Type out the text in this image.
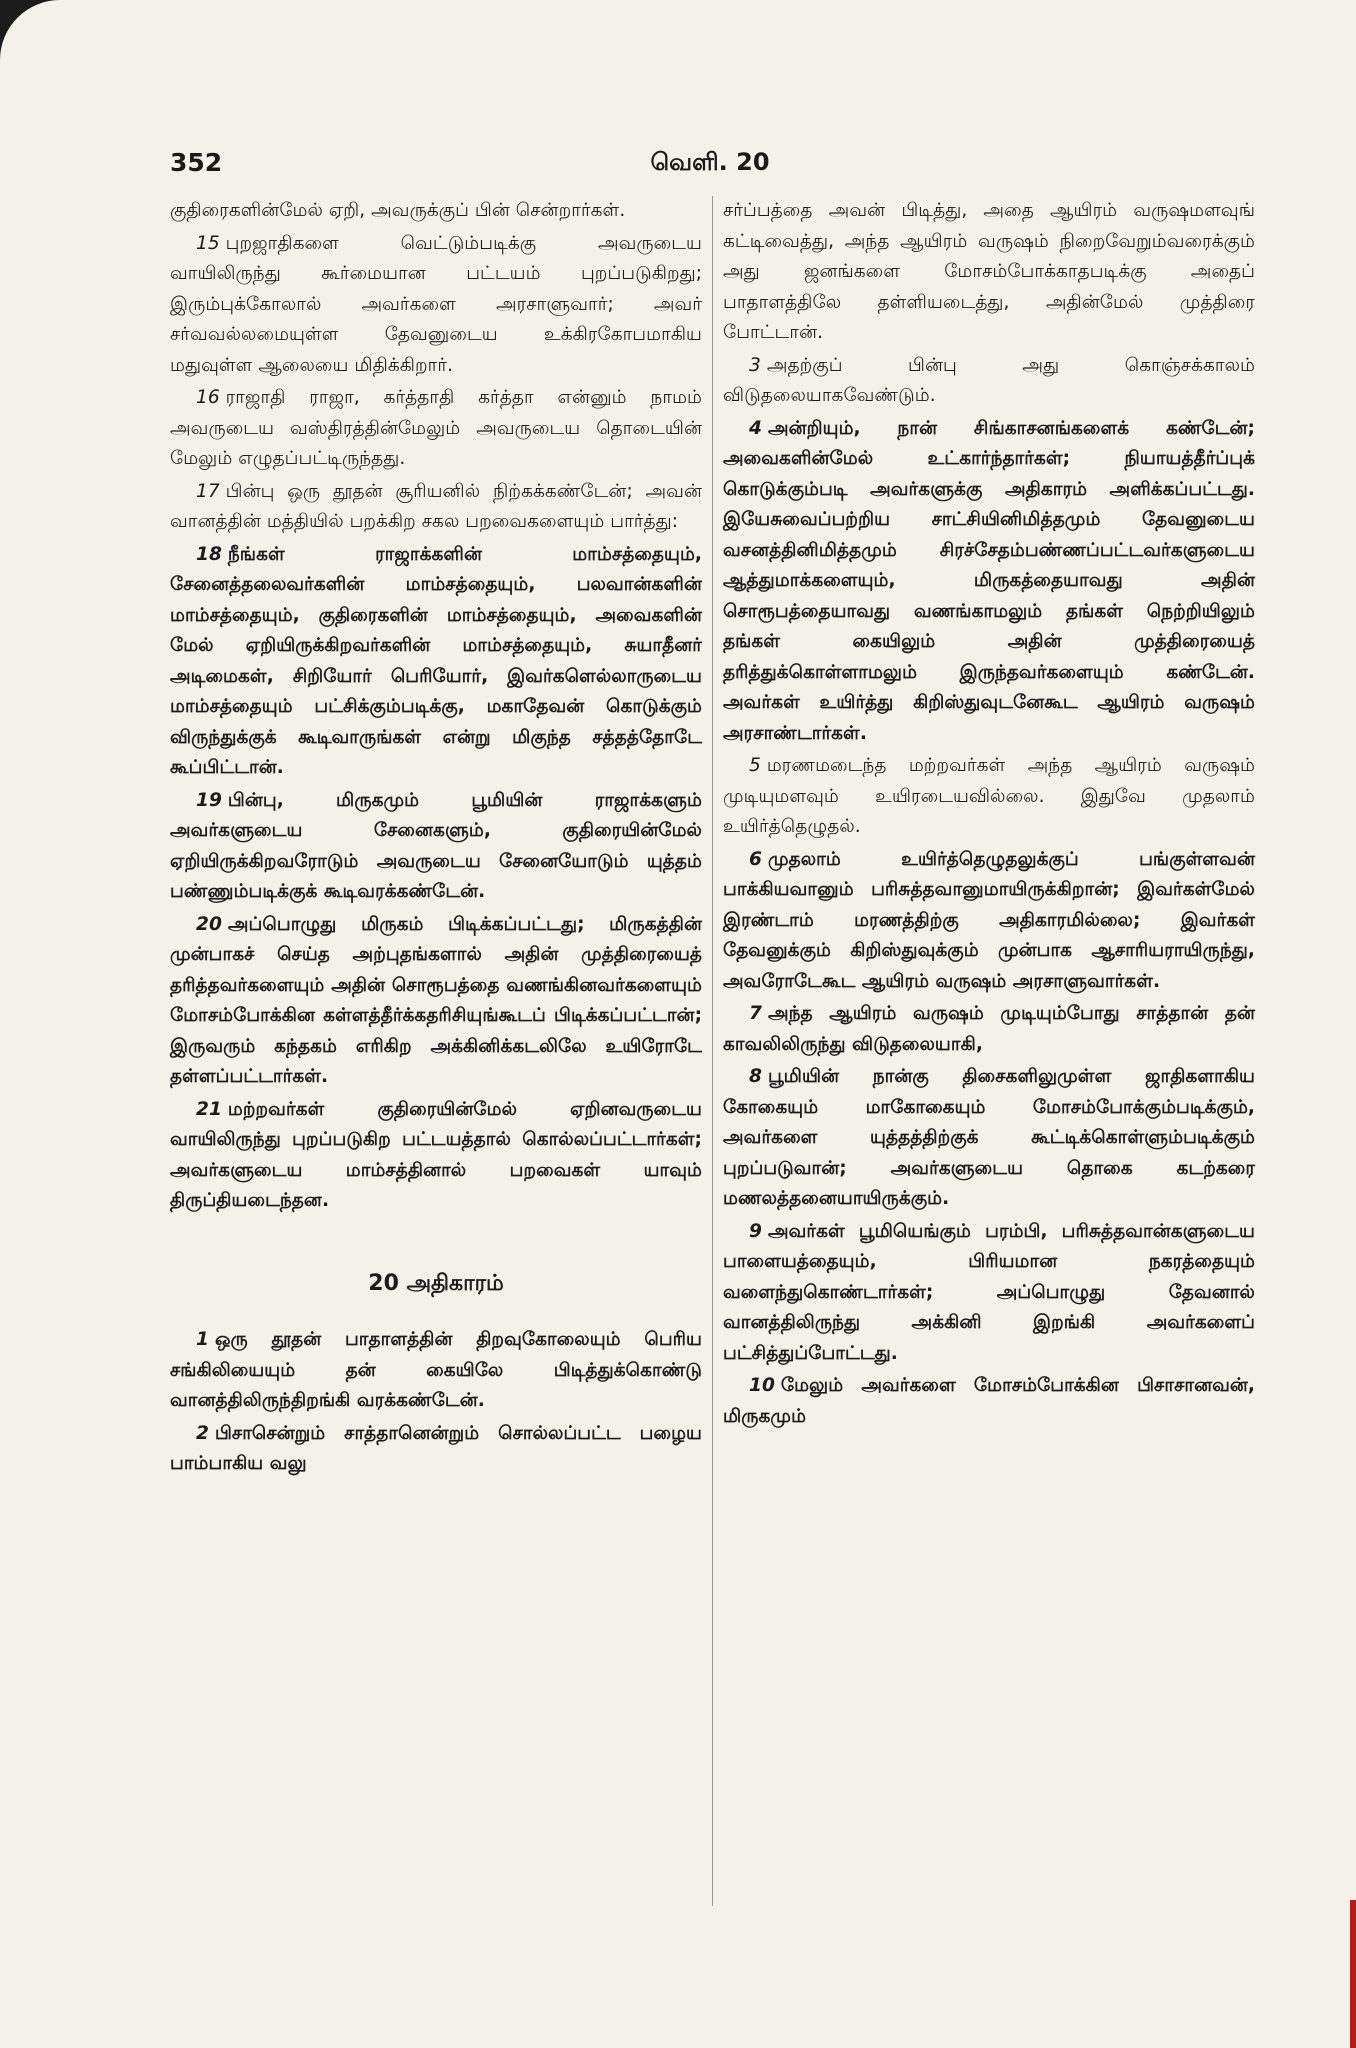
352	வெளி. 20

குதிரைகளின்மேல் ஏறி, அவருக்குப் பின் சென்றார்கள்.

15 புறஜாதிகளை வெட்டும்படிக்கு அவருடைய வாயிலிருந்து கூர்மையான பட்டயம் புறப்படுகிறது; இரும்புக்கோலால் அவர்களை அரசாளுவார்; அவர் சர்வவல்லமையுள்ள தேவனுடைய உக்கிரகோபமாகிய மதுவுள்ள ஆலையை மிதிக்கிறார்.

16 ராஜாதி ராஜா, கர்த்தாதி கர்த்தா என்னும் நாமம் அவருடைய வஸ்திரத்தின்மேலும் அவருடைய தொடையின் மேலும் எழுதப்பட்டிருந்தது.

17 பின்பு ஒரு தூதன் சூரியனில் நிற்கக்கண்டேன்; அவன் வானத்தின் மத்தியில் பறக்கிற சகல பறவைகளையும் பார்த்து:

18 நீங்கள் ராஜாக்களின் மாம்சத்தையும், சேனைத்தலைவர்களின் மாம்சத்தையும், பலவான்களின் மாம்சத்தையும், குதிரைகளின் மாம்சத்தையும், அவைகளின் மேல் ஏறியிருக்கிறவர்களின் மாம்சத்தையும், சுயாதீனர் அடிமைகள், சிறியோர் பெரியோர், இவர்களெல்லாருடைய மாம்சத்தையும் பட்சிக்கும்படிக்கு, மகாதேவன் கொடுக்கும் விருந்துக்குக் கூடிவாருங்கள் என்று மிகுந்த சத்தத்தோடே கூப்பிட்டான்.

19 பின்பு, மிருகமும் பூமியின் ராஜாக்களும் அவர்களுடைய சேனைகளும், குதிரையின்மேல் ஏறியிருக்கிறவரோடும் அவருடைய சேனையோடும் யுத்தம் பண்ணும்படிக்குக் கூடிவரக்கண்டேன்.

20 அப்பொழுது மிருகம் பிடிக்கப்பட்டது; மிருகத்தின் முன்பாகச் செய்த அற்புதங்களால் அதின் முத்திரையைத் தரித்தவர்களையும் அதின் சொரூபத்தை வணங்கினவர்களையும் மோசம்போக்கின கள்ளத்தீர்க்கதரிசியுங்கூடப் பிடிக்கப்பட்டான்; இருவரும் கந்தகம் எரிகிற அக்கினிக்கடலிலே உயிரோடே தள்ளப்பட்டார்கள்.

21 மற்றவர்கள் குதிரையின்மேல் ஏறினவருடைய வாயிலிருந்து புறப்படுகிற பட்டயத்தால் கொல்லப்பட்டார்கள்; அவர்களுடைய மாம்சத்தினால் பறவைகள் யாவும் திருப்தியடைந்தன.

20 அதிகாரம்

1 ஒரு தூதன் பாதாளத்தின் திறவுகோலையும் பெரிய சங்கிலியையும் தன் கையிலே பிடித்துக்கொண்டு வானத்திலிருந்திறங்கி வரக்கண்டேன்.

2 பிசாசென்றும் சாத்தானென்றும் சொல்லப்பட்ட பழைய பாம்பாகிய வலு

சர்ப்பத்தை அவன் பிடித்து, அதை ஆயிரம் வருஷமளவுங் கட்டிவைத்து, அந்த ஆயிரம் வருஷம் நிறைவேறும்வரைக்கும் அது ஜனங்களை மோசம்போக்காதபடிக்கு அதைப் பாதாளத்திலே தள்ளியடைத்து, அதின்மேல் முத்திரை போட்டான்.

3 அதற்குப் பின்பு அது கொஞ்சக்காலம் விடுதலையாகவேண்டும்.

4 அன்றியும், நான் சிங்காசனங்களைக் கண்டேன்; அவைகளின்மேல் உட்கார்ந்தார்கள்; நியாயத்தீர்ப்புக் கொடுக்கும்படி அவர்களுக்கு அதிகாரம் அளிக்கப்பட்டது. இயேசுவைப்பற்றிய சாட்சியினிமித்தமும் தேவனுடைய வசனத்தினிமித்தமும் சிரச்சேதம்பண்ணப்பட்டவர்களுடைய ஆத்துமாக்களையும், மிருகத்தையாவது அதின் சொரூபத்தையாவது வணங்காமலும் தங்கள் நெற்றியிலும் தங்கள் கையிலும் அதின் முத்திரையைத் தரித்துக்கொள்ளாமலும் இருந்தவர்களையும் கண்டேன். அவர்கள் உயிர்த்து கிறிஸ்துவுடனேகூட ஆயிரம் வருஷம் அரசாண்டார்கள்.

5 மரணமடைந்த மற்றவர்கள் அந்த ஆயிரம் வருஷம் முடியுமளவும் உயிரடையவில்லை. இதுவே முதலாம் உயிர்த்தெழுதல்.

6 முதலாம் உயிர்த்தெழுதலுக்குப் பங்குள்ளவன் பாக்கியவானும் பரிசுத்தவானுமாயிருக்கிறான்; இவர்கள்மேல் இரண்டாம் மரணத்திற்கு அதிகாரமில்லை; இவர்கள் தேவனுக்கும் கிறிஸ்துவுக்கும் முன்பாக ஆசாரியராயிருந்து, அவரோடேகூட ஆயிரம் வருஷம் அரசாளுவார்கள்.

7 அந்த ஆயிரம் வருஷம் முடியும்போது சாத்தான் தன் காவலிலிருந்து விடுதலையாகி,

8 பூமியின் நான்கு திசைகளிலுமுள்ள ஜாதிகளாகிய கோகையும் மாகோகையும் மோசம்போக்கும்படிக்கும், அவர்களை யுத்தத்திற்குக் கூட்டிக்கொள்ளும்படிக்கும் புறப்படுவான்; அவர்களுடைய தொகை கடற்கரை மணலத்தனையாயிருக்கும்.

9 அவர்கள் பூமியெங்கும் பரம்பி, பரிசுத்தவான்களுடைய பாளையத்தையும், பிரியமான நகரத்தையும் வளைந்துகொண்டார்கள்; அப்பொழுது தேவனால் வானத்திலிருந்து அக்கினி இறங்கி அவர்களைப் பட்சித்துப்போட்டது.

10 மேலும் அவர்களை மோசம்போக்கின பிசாசானவன், மிருகமும்
